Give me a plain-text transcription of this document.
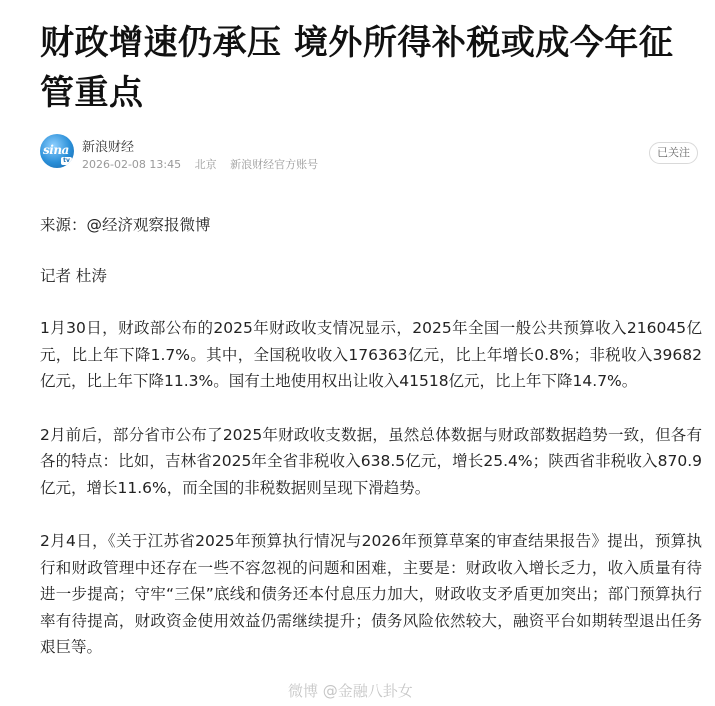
财政增速仍承压 境外所得补税或成今年征管重点
sina
tv
新浪财经
2026-02-08 13:45 北京 新浪财经官方账号
已关注

来源：@经济观察报微博

记者 杜涛

1月30日，财政部公布的2025年财政收支情况显示，2025年全国一般公共预算收入216045亿元，比上年下降1.7%。其中，全国税收收入176363亿元，比上年增长0.8%；非税收入39682亿元，比上年下降11.3%。国有土地使用权出让收入41518亿元，比上年下降14.7%。

2月前后，部分省市公布了2025年财政收支数据，虽然总体数据与财政部数据趋势一致，但各有各的特点：比如，吉林省2025年全省非税收入638.5亿元，增长25.4%；陕西省非税收入870.9亿元，增长11.6%，而全国的非税数据则呈现下滑趋势。

2月4日，《关于江苏省2025年预算执行情况与2026年预算草案的审查结果报告》提出，预算执行和财政管理中还存在一些不容忽视的问题和困难，主要是：财政收入增长乏力，收入质量有待进一步提高；守牢“三保”底线和债务还本付息压力加大，财政收支矛盾更加突出；部门预算执行率有待提高，财政资金使用效益仍需继续提升；债务风险依然较大，融资平台如期转型退出任务艰巨等。

微博 @金融八卦女
